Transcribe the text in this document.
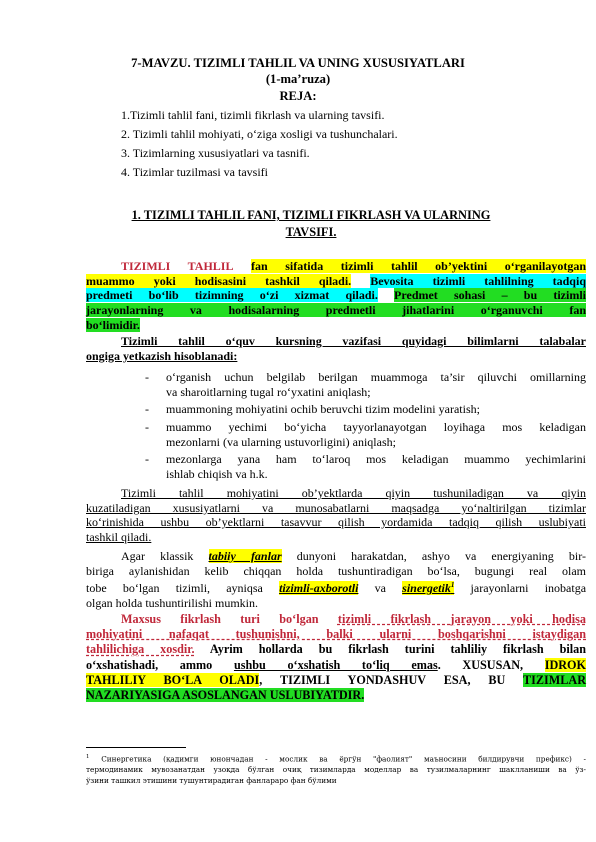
7-MAVZU. TIZIMLI TAHLIL VA UNING XUSUSIYATLARI
(1-ma’ruza)
REJA:
1.Tizimli tahlil fani, tizimli fikrlash va ularning tavsifi.
2. Tizimli tahlil mohiyati, o‘ziga xosligi va tushunchalari.
3. Tizimlarning xususiyatlari va tasnifi.
4. Tizimlar tuzilmasi va tavsifi
1. TIZIMLI TAHLIL FANI, TIZIMLI FIKRLASH VA ULARNING
TAVSIFI.
TIZIMLI TAHLIL fan sifatida tizimli tahlil ob’yektini o‘rganilayotgan
muammo yoki hodisasini tashkil qiladi. Bevosita tizimli tahlilning tadqiq
predmeti bo‘lib tizimning o‘zi xizmat qiladi. Predmet sohasi – bu tizimli
jarayonlarning va hodisalarning predmetli jihatlarini o‘rganuvchi fan
bo‘limidir.
Tizimli tahlil o‘quv kursning vazifasi quyidagi bilimlarni talabalar
ongiga yetkazish hisoblanadi:
- o‘rganish uchun belgilab berilgan muammoga ta’sir qiluvchi omillarning
va sharoitlarning tugal ro‘yxatini aniqlash;
- muammoning mohiyatini ochib beruvchi tizim modelini yaratish;
- muammo yechimi bo‘yicha tayyorlanayotgan loyihaga mos keladigan
mezonlarni (va ularning ustuvorligini) aniqlash;
- mezonlarga yana ham to‘laroq mos keladigan muammo yechimlarini
ishlab chiqish va h.k.
Tizimli tahlil mohiyatini ob’yektlarda qiyin tushuniladigan va qiyin
kuzatiladigan xususiyatlarni va munosabatlarni maqsadga yo‘naltirilgan tizimlar
ko‘rinishida ushbu ob’yektlarni tasavvur qilish yordamida tadqiq qilish uslubiyati
tashkil qiladi.
Agar klassik tabiiy fanlar dunyoni harakatdan, ashyo va energiyaning bir-
biriga aylanishidan kelib chiqqan holda tushuntiradigan bo‘lsa, bugungi real olam
tobe bo‘lgan tizimli, ayniqsa tizimli-axborotli va sinergetik$^1$ jarayonlarni inobatga
olgan holda tushuntirilishi mumkin.
Maxsus fikrlash turi bo‘lgan tizimli fikrlash jarayon yoki hodisa
mohiyatini nafaqat tushunishni, balki ularni boshqarishni istaydigan
tahlilichiga xosdir. Ayrim hollarda bu fikrlash turini tahliliy fikrlash bilan
o‘xshatishadi, ammo ushbu o‘xshatish to‘liq emas. XUSUSAN, IDROK
TAHLILIY BO‘LA OLADI, TIZIMLI YONDASHUV ESA, BU TIZIMLAR
NAZARIYASIGA ASOSLANGAN USLUBIYATDIR.
$^1$ Синергетика (қадимги юнончадан - мослик ва ёргўн "фаолият" маъносини билдирувчи префикс) -
термодинамик мувозанатдан узоқда бўлган очиқ тизимларда моделлар ва тузилмаларнинг шаклланиши ва ўз-
ўзини ташкил этишини тушунтирадиган фанлараро фан бўлими
